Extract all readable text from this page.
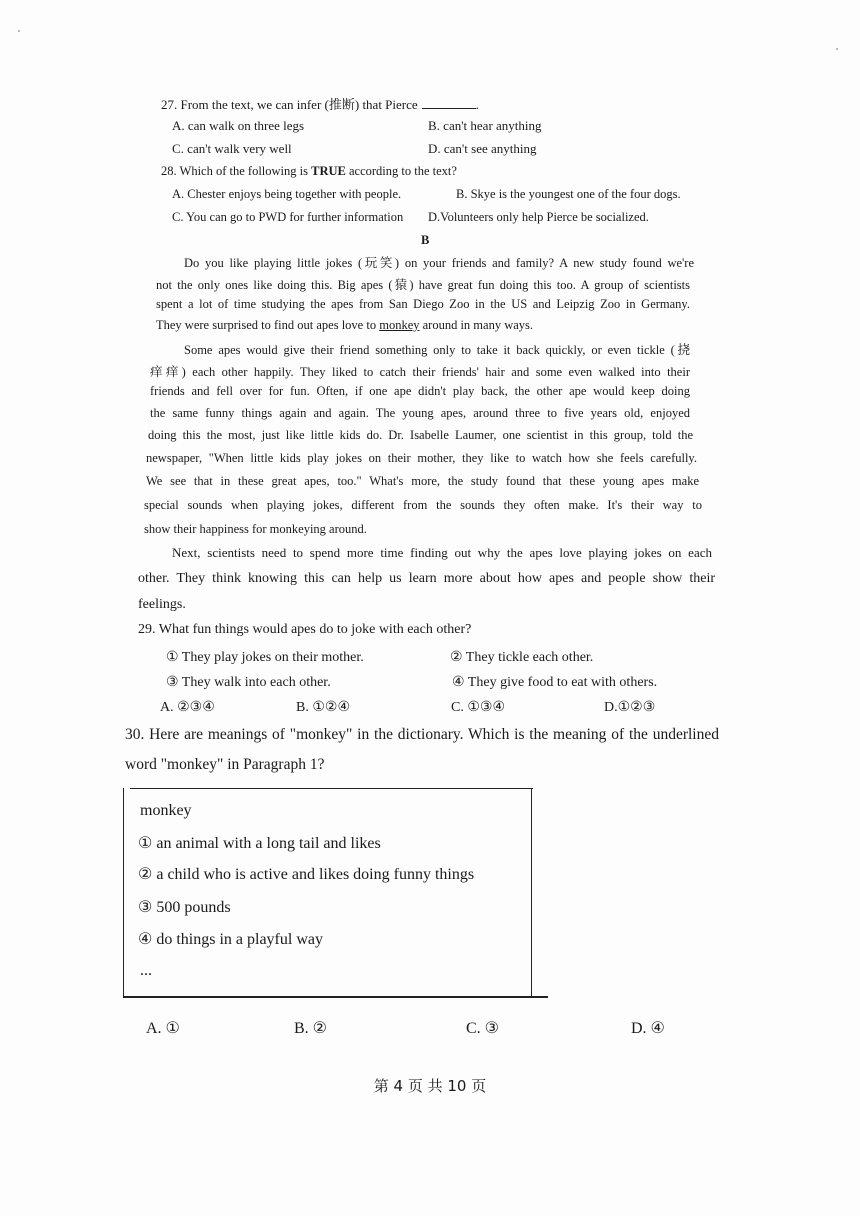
27. From the text, we can infer (推断) that Pierce	.
A. can walk on three legs	B. can't hear anything
C. can't walk very well	D. can't see anything
28. Which of the following is TRUE according to the text?
A. Chester enjoys being together with people.	B. Skye is the youngest one of the four dogs.
C. You can go to PWD for further information D.Volunteers only help Pierce be socialized.
B
Do you like playing little jokes (玩笑) on your friends and family? A new study found we're
not the only ones like doing this. Big apes (猿) have great fun doing this too. A group of scientists
spent a lot of time studying the apes from San Diego Zoo in the US and Leipzig Zoo in Germany.
They were surprised to find out apes love to monkey around in many ways.
Some apes would give their friend something only to take it back quickly, or even tickle (挠
痒痒) each other happily. They liked to catch their friends' hair and some even walked into their
friends and fell over for fun. Often, if one ape didn't play back, the other ape would keep doing
the same funny things again and again. The young apes, around three to five years old, enjoyed
doing this the most, just like little kids do. Dr. Isabelle Laumer, one scientist in this group, told the
newspaper, "When little kids play jokes on their mother, they like to watch how she feels carefully.
We see that in these great apes, too." What's more, the study found that these young apes make
special sounds when playing jokes, different from the sounds they often make. It's their way to
show their happiness for monkeying around.
Next, scientists need to spend more time finding out why the apes love playing jokes on each
other. They think knowing this can help us learn more about how apes and people show their
feelings.
29. What fun things would apes do to joke with each other?
① They play jokes on their mother.	② They tickle each other.
③ They walk into each other.	④ They give food to eat with others.
A. ②③④	B. ①②④	C. ①③④	D.①②③
30. Here are meanings of "monkey" in the dictionary. Which is the meaning of the underlined
word "monkey" in Paragraph 1?
monkey
① an animal with a long tail and likes
② a child who is active and likes doing funny things
③ 500 pounds
④ do things in a playful way
...
A. ①	B. ②	C. ③	D. ④
第 4 页 共 10 页
